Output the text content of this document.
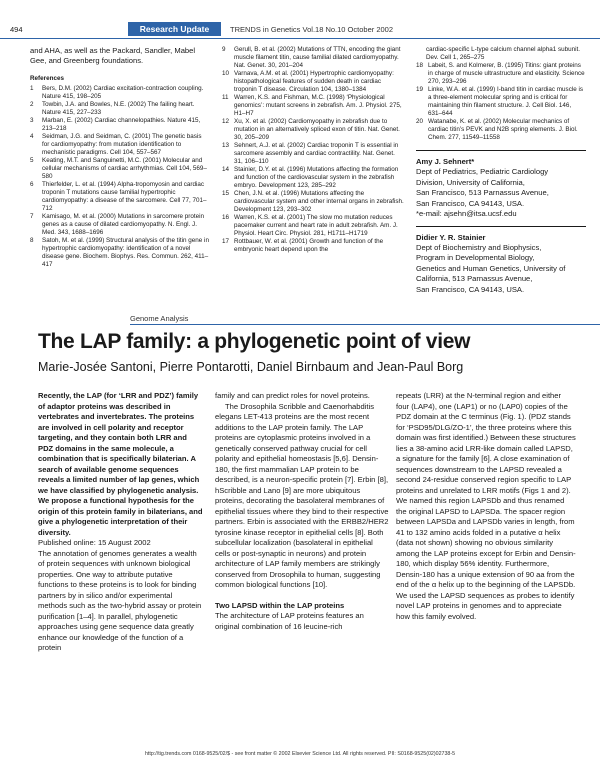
494	Research Update	TRENDS in Genetics Vol.18 No.10 October 2002

and AHA, as well as the Packard, Sandler, Mabel Gee, and Greenberg foundations.

References

1	Bers, D.M. (2002) Cardiac excitation-contraction coupling. Nature 415, 198–205
2	Towbin, J.A. and Bowles, N.E. (2002) The failing heart. Nature 415, 227–233
3	Marban, E. (2002) Cardiac channelopathies. Nature 415, 213–218
4	Seidman, J.G. and Seidman, C. (2001) The genetic basis for cardiomyopathy: from mutation identification to mechanistic paradigms. Cell 104, 557–567
5	Keating, M.T. and Sanguinetti, M.C. (2001) Molecular and cellular mechanisms of cardiac arrhythmias. Cell 104, 569–580
6	Thierfelder, L. et al. (1994) Alpha-tropomyosin and cardiac troponin T mutations cause familial hypertrophic cardiomyopathy: a disease of the sarcomere. Cell 77, 701–712
7	Kamisago, M. et al. (2000) Mutations in sarcomere protein genes as a cause of dilated cardiomyopathy. N. Engl. J. Med. 343, 1688–1696
8	Satoh, M. et al. (1999) Structural analysis of the titin gene in hypertrophic cardiomyopathy: identification of a novel disease gene. Biochem. Biophys. Res. Commun. 262, 411–417
9	Gerull, B. et al. (2002) Mutations of TTN, encoding the giant muscle filament titin, cause familial dilated cardiomyopathy. Nat. Genet. 30, 201–204
10 Varnava, A.M. et al. (2001) Hypertrophic cardiomyopathy: histopathological features of sudden death in cardiac troponin T disease. Circulation 104, 1380–1384
11 Warren, K.S. and Fishman, M.C. (1998) ‘Physiological genomics’: mutant screens in zebrafish. Am. J. Physiol. 275, H1–H7
12 Xu, X. et al. (2002) Cardiomyopathy in zebrafish due to mutation in an alternatively spliced exon of titin. Nat. Genet. 30, 205–209
13 Sehnert, A.J. et al. (2002) Cardiac troponin T is essential in sarcomere assembly and cardiac contractility. Nat. Genet. 31, 106–110
14 Stainier, D.Y. et al. (1996) Mutations affecting the formation and function of the cardiovascular system in the zebrafish embryo. Development 123, 285–292
15 Chen, J.N. et al. (1996) Mutations affecting the cardiovascular system and other internal organs in zebrafish. Development 123, 293–302
16 Warren, K.S. et al. (2001) The slow mo mutation reduces pacemaker current and heart rate in adult zebrafish. Am. J. Physiol. Heart Circ. Physiol. 281, H1711–H1719
17 Rottbauer, W. et al. (2001) Growth and function of the embryonic heart depend upon the
cardiac-specific L-type calcium channel alpha1 subunit. Dev. Cell 1, 265–275
18 Labeit, S. and Kolmerer, B. (1995) Titins: giant proteins in charge of muscle ultrastructure and elasticity. Science 270, 293–296
19 Linke, W.A. et al. (1999) I-band titin in cardiac muscle is a three-element molecular spring and is critical for maintaining thin filament structure. J. Cell Biol. 146, 631–644
20 Watanabe, K. et al. (2002) Molecular mechanics of cardiac titin’s PEVK and N2B spring elements. J. Biol. Chem. 277, 11549–11558
Amy J. Sehnert*
Dept of Pediatrics, Pediatric Cardiology
Division, University of California,
San Francisco, 513 Parnassus Avenue,
San Francisco, CA 94143, USA.
*e-mail: ajsehn@itsa.ucsf.edu
Didier Y. R. Stainier
Dept of Biochemistry and Biophysics,
Program in Developmental Biology,
Genetics and Human Genetics, University of
California, 513 Parnassus Avenue,
San Francisco, CA 94143, USA.
Genome Analysis
The LAP family: a phylogenetic point of view
Marie-Josée Santoni, Pierre Pontarotti, Daniel Birnbaum and Jean-Paul Borg

Recently, the LAP (for ‘LRR and PDZ’) family of adaptor proteins was described in vertebrates and invertebrates. The proteins are involved in cell polarity and receptor targeting, and they contain both LRR and PDZ domains in the same molecule, a combination that is specifically bilaterian. A search of available genome sequences reveals a limited number of lap genes, which we have classified by phylogenetic analysis. We propose a functional hypothesis for the origin of this protein family in bilaterians, and give a phylogenetic interpretation of their diversity.

Published online: 15 August 2002

The annotation of genomes generates a wealth of protein sequences with unknown biological properties. One way to attribute putative functions to these proteins is to look for binding partners by in silico and/or experimental methods such as the two-hybrid assay or protein purification [1–4]. In parallel, phylogenetic approaches using gene sequence data greatly enhance our knowledge of the function of a protein

family and can predict roles for novel proteins.

The Drosophila Scribble and Caenorhabditis elegans LET-413 proteins are the most recent additions to the LAP protein family. The LAP proteins are cytoplasmic proteins involved in a genetically conserved pathway crucial for cell polarity and epithelial homeostasis [5,6]. Densin-180, the first mammalian LAP protein to be described, is a neuron-specific protein [7]. Erbin [8], hScribble and Lano [9] are more ubiquitous proteins, decorating the basolateral membranes of epithelial tissues where they bind to their respective partners. Erbin is associated with the ERBB2/HER2 tyrosine kinase receptor in epithelial cells [8]. Both subcellular localization (basolateral in epithelial cells or post-synaptic in neurons) and protein architecture of LAP family members are strikingly conserved from Drosophila to human, suggesting common biological functions [10].

Two LAPSD within the LAP proteins

The architecture of LAP proteins features an original combination of 16 leucine-rich

repeats (LRR) at the N-terminal region and either four (LAP4), one (LAP1) or no (LAP0) copies of the PDZ domain at the C terminus (Fig. 1). (PDZ stands for ‘PSD95/DLG/ZO-1’, the three proteins where this domain was first identified.) Between these structures lies a 38-amino acid LRR-like domain called LAPSD, a signature for the family [6]. A close examination of sequences downstream to the LAPSD revealed a second 24-residue conserved region specific to LAP proteins and unrelated to LRR motifs (Figs 1 and 2). We named this region LAPSDb and thus renamed the original LAPSD to LAPSDa. The spacer region between LAPSDa and LAPSDb varies in length, from 41 to 132 amino acids folded in a putative α helix (data not shown) showing no obvious similarity among the LAP proteins except for Erbin and Densin-180, which display 56% identity. Furthermore, Densin-180 has a unique extension of 90 aa from the end of the α helix up to the beginning of the LAPSDb. We used the LAPSD sequences as probes to identify novel LAP proteins in genomes and to appreciate how this family evolved.

http://tig.trends.com 0168-9525/02/$ - see front matter © 2002 Elsevier Science Ltd. All rights reserved. PII: S0168-9525(02)02738-5
